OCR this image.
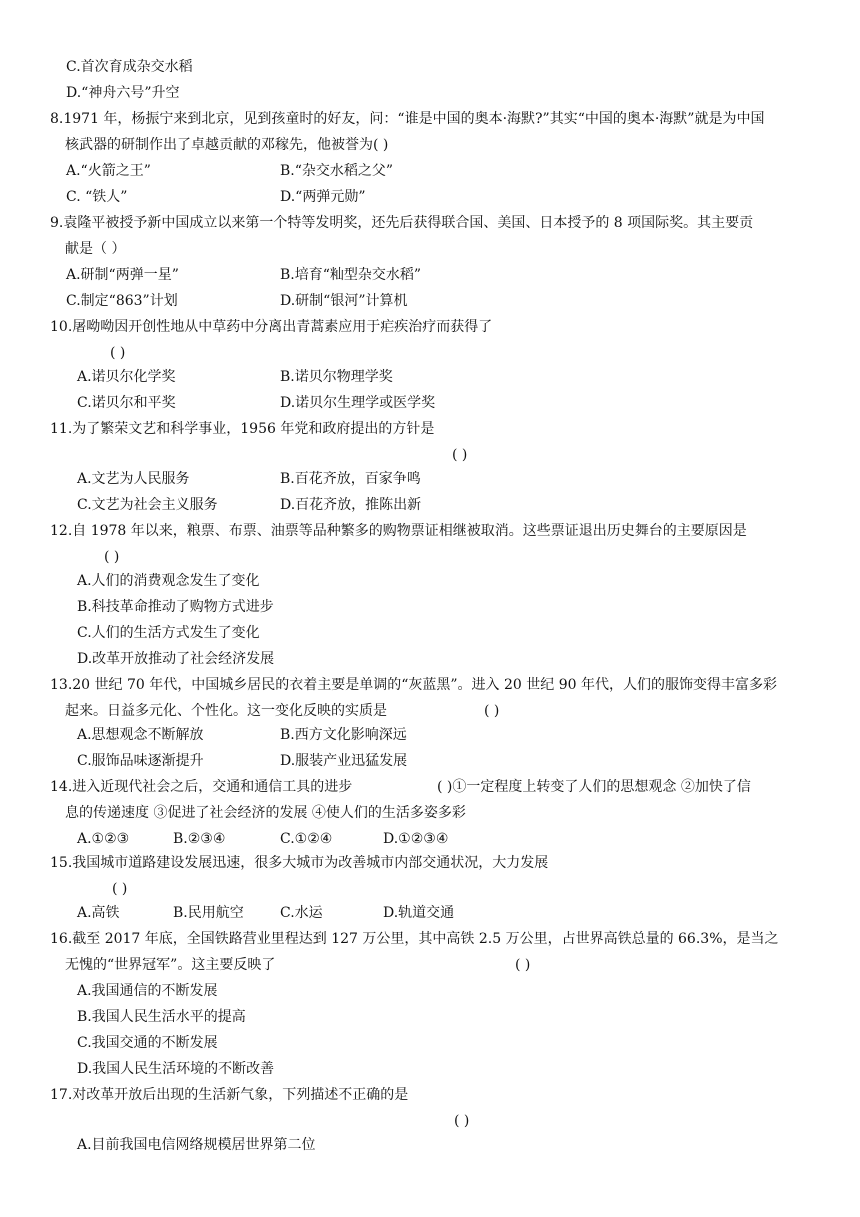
C.首次育成杂交水稻
D.“神舟六号”升空
8.1971 年，杨振宁来到北京，见到孩童时的好友，问：“谁是中国的奥本·海默?”其实“中国的奥本·海默”就是为中国
核武器的研制作出了卓越贡献的邓稼先，他被誉为( )
A.“火箭之王”	B.“杂交水稻之父”
C. “铁人”	D.“两弹元勋”
9.袁隆平被授予新中国成立以来第一个特等发明奖，还先后获得联合国、美国、日本授予的 8 项国际奖。其主要贡
献是（ ）
A.研制“两弹一星”	B.培育“籼型杂交水稻”
C.制定“863”计划	D.研制“银河”计算机
10.屠呦呦因开创性地从中草药中分离出青蒿素应用于疟疾治疗而获得了
( )
A.诺贝尔化学奖	B.诺贝尔物理学奖
C.诺贝尔和平奖	D.诺贝尔生理学或医学奖
11.为了繁荣文艺和科学事业，1956 年党和政府提出的方针是
( )
A.文艺为人民服务	B.百花齐放，百家争鸣
C.文艺为社会主义服务	D.百花齐放，推陈出新
12.自 1978 年以来，粮票、布票、油票等品种繁多的购物票证相继被取消。这些票证退出历史舞台的主要原因是
( )
A.人们的消费观念发生了变化
B.科技革命推动了购物方式进步
C.人们的生活方式发生了变化
D.改革开放推动了社会经济发展
13.20 世纪 70 年代，中国城乡居民的衣着主要是单调的“灰蓝黑”。进入 20 世纪 90 年代，人们的服饰变得丰富多彩
起来。日益多元化、个性化。这一变化反映的实质是	( )
A.思想观念不断解放	B.西方文化影响深远
C.服饰品味逐渐提升	D.服装产业迅猛发展
14.进入近现代社会之后，交通和通信工具的进步	( )①一定程度上转变了人们的思想观念 ②加快了信
息的传递速度 ③促进了社会经济的发展 ④使人们的生活多姿多彩
A.①②③	B.②③④	C.①②④	D.①②③④
15.我国城市道路建设发展迅速，很多大城市为改善城市内部交通状况，大力发展
( )
A.高铁	B.民用航空	C.水运	D.轨道交通
16.截至 2017 年底，全国铁路营业里程达到 127 万公里，其中高铁 2.5 万公里，占世界高铁总量的 66.3%，是当之
无愧的“世界冠军”。这主要反映了	( )
A.我国通信的不断发展
B.我国人民生活水平的提高
C.我国交通的不断发展
D.我国人民生活环境的不断改善
17.对改革开放后出现的生活新气象，下列描述不正确的是
( )
A.目前我国电信网络规模居世界第二位
